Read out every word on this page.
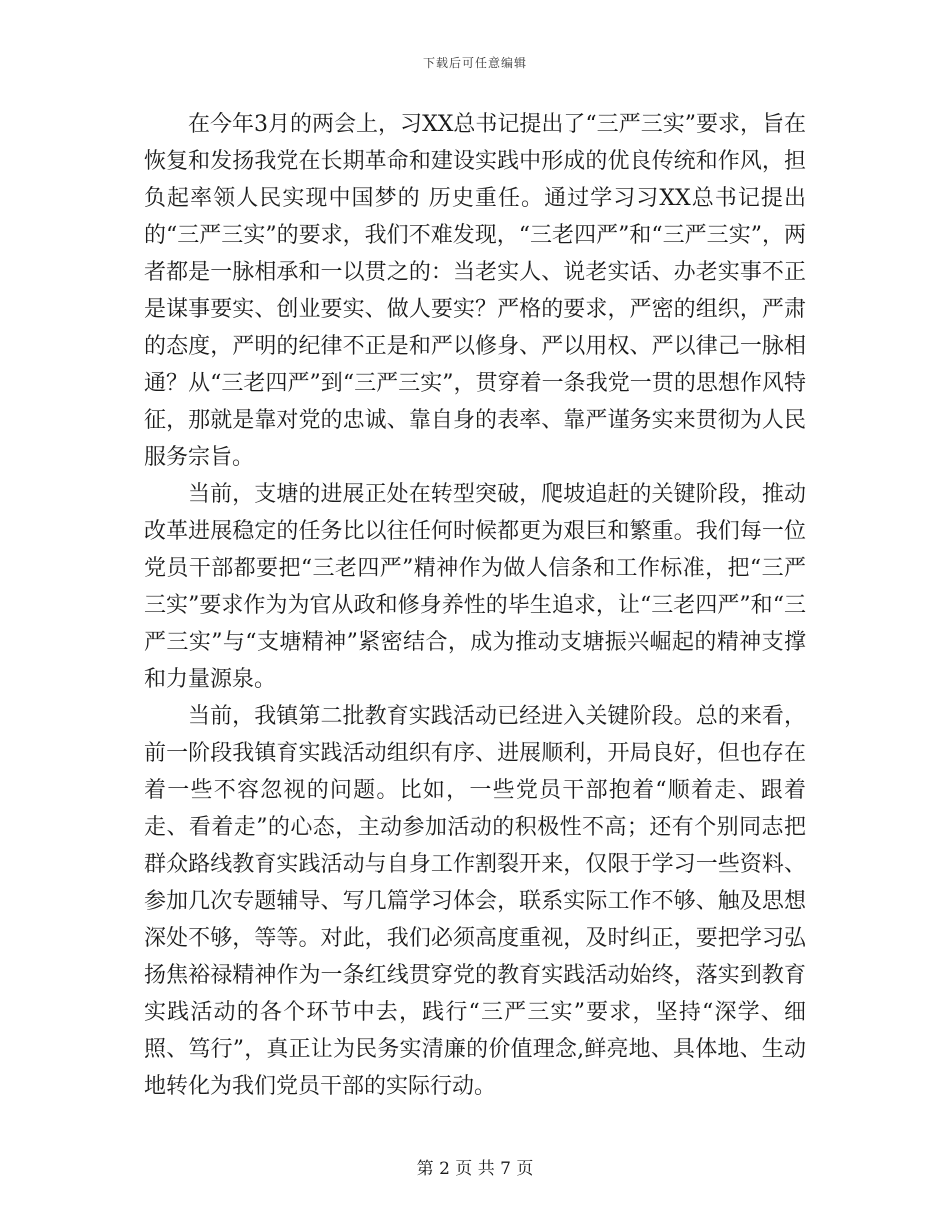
下载后可任意编辑

在今年3月的两会上，习XX总书记提出了“三严三实”要求，旨在恢复和发扬我党在长期革命和建设实践中形成的优良传统和作风，担负起率领人民实现中国梦的 历史重任。通过学习习XX总书记提出的“三严三实”的要求，我们不难发现，“三老四严”和“三严三实”，两者都是一脉相承和一以贯之的：当老实人、说老实话、办老实事不正是谋事要实、创业要实、做人要实？严格的要求，严密的组织，严肃的态度，严明的纪律不正是和严以修身、严以用权、严以律己一脉相通？从“三老四严”到“三严三实”，贯穿着一条我党一贯的思想作风特征，那就是靠对党的忠诚、靠自身的表率、靠严谨务实来贯彻为人民服务宗旨。

当前，支塘的进展正处在转型突破，爬坡追赶的关键阶段，推动改革进展稳定的任务比以往任何时候都更为艰巨和繁重。我们每一位党员干部都要把“三老四严”精神作为做人信条和工作标准，把“三严三实”要求作为为官从政和修身养性的毕生追求，让“三老四严”和“三严三实”与“支塘精神”紧密结合，成为推动支塘振兴崛起的精神支撑和力量源泉。

当前，我镇第二批教育实践活动已经进入关键阶段。总的来看，前一阶段我镇育实践活动组织有序、进展顺利，开局良好，但也存在着一些不容忽视的问题。比如，一些党员干部抱着“顺着走、跟着走、看着走”的心态，主动参加活动的积极性不高；还有个别同志把群众路线教育实践活动与自身工作割裂开来，仅限于学习一些资料、参加几次专题辅导、写几篇学习体会，联系实际工作不够、触及思想深处不够，等等。对此，我们必须高度重视，及时纠正，要把学习弘扬焦裕禄精神作为一条红线贯穿党的教育实践活动始终，落实到教育实践活动的各个环节中去，践行“三严三实”要求，坚持“深学、细照、笃行”，真正让为民务实清廉的价值理念,鲜亮地、具体地、生动地转化为我们党员干部的实际行动。

第 2 页 共 7 页
